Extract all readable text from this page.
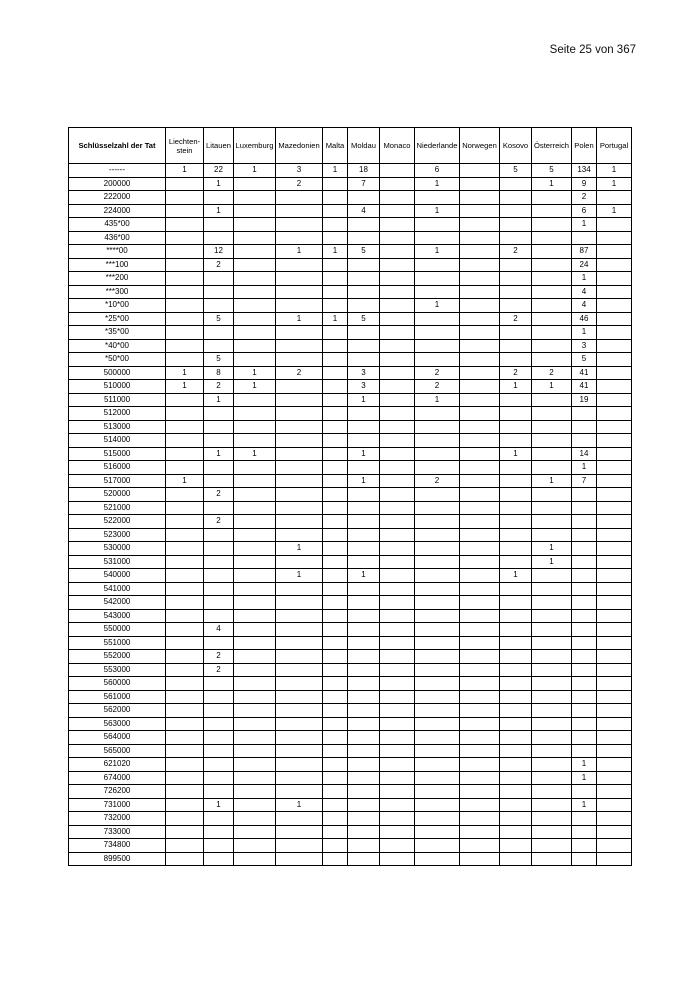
Seite 25 von 367
Schlüsselzahl der Tat	Liechten-stein	Litauen	Luxemburg	Mazedonien	Malta	Moldau	Monaco	Niederlande	Norwegen	Kosovo	Österreich	Polen	Portugal
------	1	22	1	3	1	18		6		5	5	134	1
200000		1		2		7		1			1	9	1
222000												2	
224000		1				4		1				6	1
435*00												1	
436*00													
****00		12		1	1	5		1		2		87	
***100		2										24	
***200												1	
***300												4	
*10*00								1				4	
*25*00		5		1	1	5				2		46	
*35*00												1	
*40*00												3	
*50*00		5										5	
500000	1	8	1	2		3		2		2	2	41	
510000	1	2	1			3		2		1	1	41	
511000		1				1		1				19	
512000													
513000													
514000													
515000		1	1			1				1		14	
516000												1	
517000	1					1		2			1	7	
520000		2											
521000													
522000		2											
523000													
530000				1							1		
531000											1		
540000				1		1				1			
541000													
542000													
543000													
550000		4											
551000													
552000		2											
553000		2											
560000													
561000													
562000													
563000													
564000													
565000													
621020												1	
674000												1	
726200													
731000		1		1								1	
732000													
733000													
734800													
899500													
